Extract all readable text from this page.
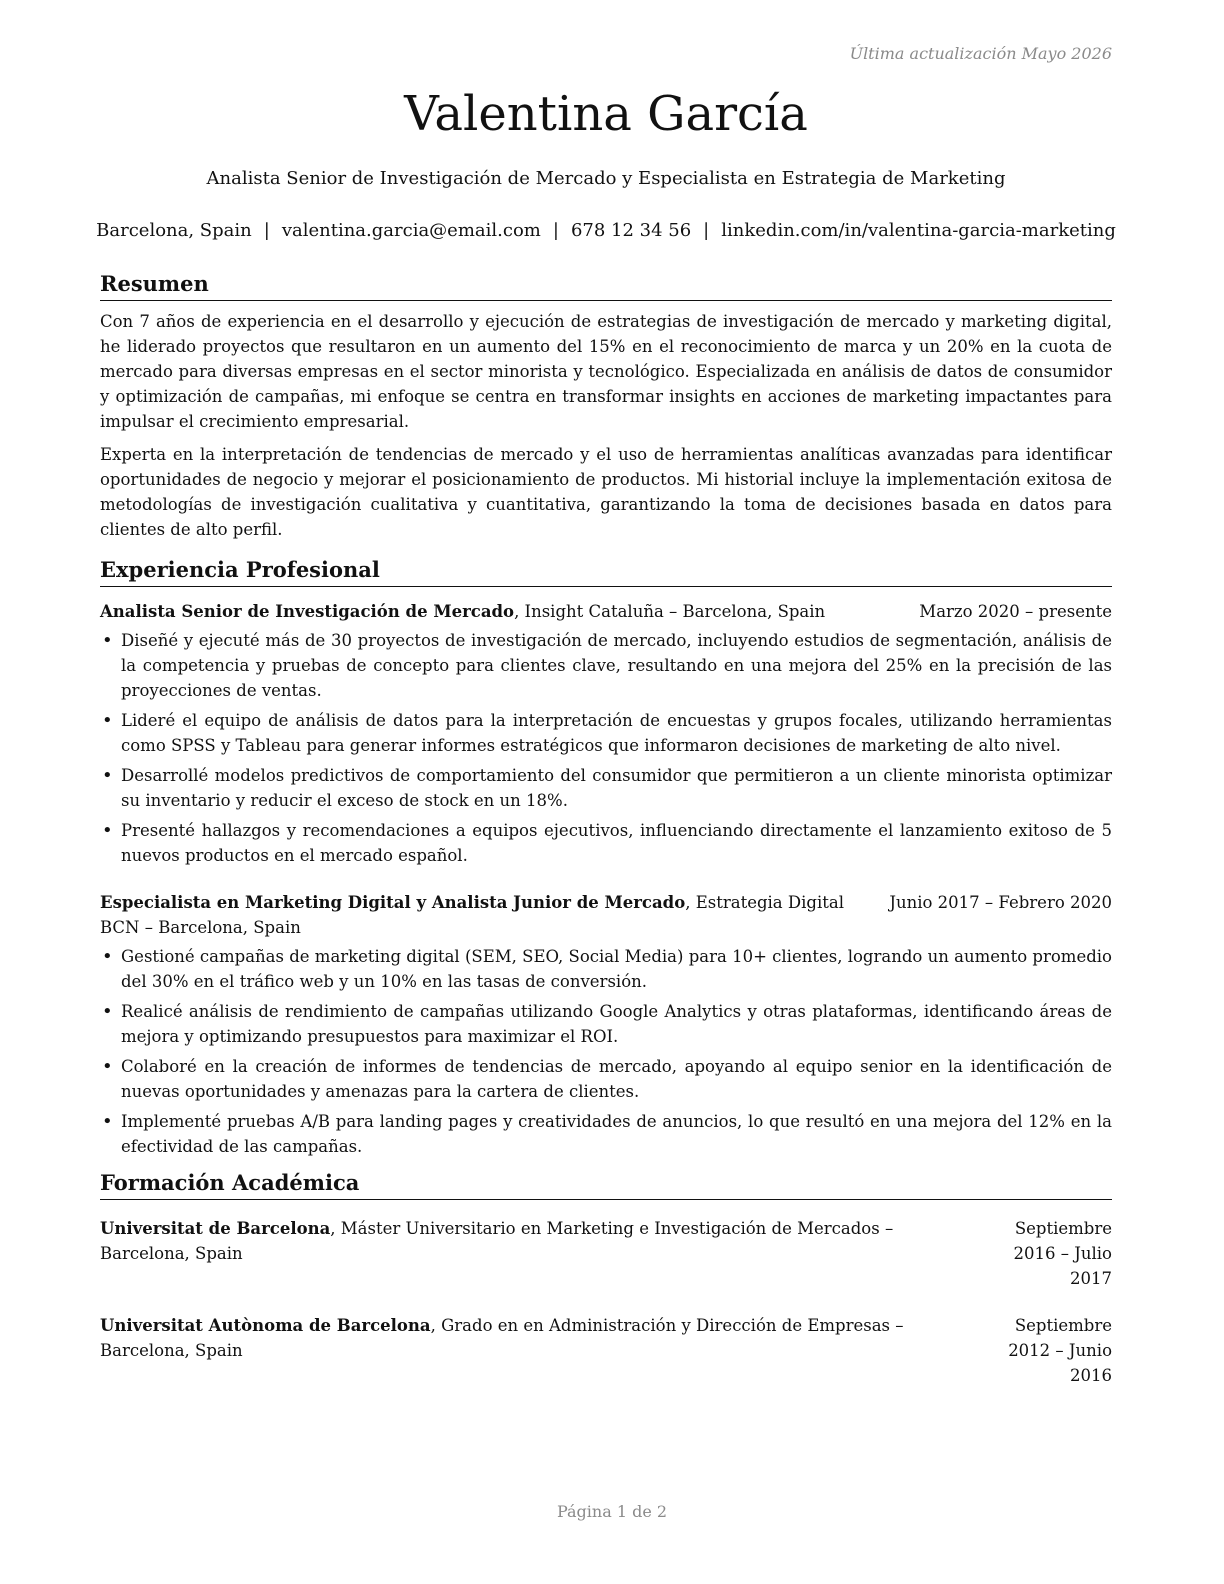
Última actualización Mayo 2026
Valentina García
Analista Senior de Investigación de Mercado y Especialista en Estrategia de Marketing
Barcelona, Spain | valentina.garcia@email.com | 678 12 34 56 | linkedin.com/in/valentina-garcia-marketing
Resumen

Con 7 años de experiencia en el desarrollo y ejecución de estrategias de investigación de mercado y marketing digital, he liderado proyectos que resultaron en un aumento del 15% en el reconocimiento de marca y un 20% en la cuota de mercado para diversas empresas en el sector minorista y tecnológico. Especializada en análisis de datos de consumidor y optimización de campañas, mi enfoque se centra en transformar insights en acciones de marketing impactantes para impulsar el crecimiento empresarial.

Experta en la interpretación de tendencias de mercado y el uso de herramientas analíticas avanzadas para identificar oportunidades de negocio y mejorar el posicionamiento de productos. Mi historial incluye la implementación exitosa de metodologías de investigación cualitativa y cuantitativa, garantizando la toma de decisiones basada en datos para clientes de alto perfil.

Experiencia Profesional
Analista Senior de Investigación de Mercado, Insight Cataluña – Barcelona, Spain	Marzo 2020 – presente
• Diseñé y ejecuté más de 30 proyectos de investigación de mercado, incluyendo estudios de segmentación, análisis de la competencia y pruebas de concepto para clientes clave, resultando en una mejora del 25% en la precisión de las proyecciones de ventas.
• Lideré el equipo de análisis de datos para la interpretación de encuestas y grupos focales, utilizando herramientas como SPSS y Tableau para generar informes estratégicos que informaron decisiones de marketing de alto nivel.
• Desarrollé modelos predictivos de comportamiento del consumidor que permitieron a un cliente minorista optimizar su inventario y reducir el exceso de stock en un 18%.
• Presenté hallazgos y recomendaciones a equipos ejecutivos, influenciando directamente el lanzamiento exitoso de 5 nuevos productos en el mercado español.
Especialista en Marketing Digital y Analista Junior de Mercado, Estrategia Digital BCN – Barcelona, Spain
Junio 2017 – Febrero 2020
• Gestioné campañas de marketing digital (SEM, SEO, Social Media) para 10+ clientes, logrando un aumento promedio del 30% en el tráfico web y un 10% en las tasas de conversión.
• Realicé análisis de rendimiento de campañas utilizando Google Analytics y otras plataformas, identificando áreas de mejora y optimizando presupuestos para maximizar el ROI.
• Colaboré en la creación de informes de tendencias de mercado, apoyando al equipo senior en la identificación de nuevas oportunidades y amenazas para la cartera de clientes.
• Implementé pruebas A/B para landing pages y creatividades de anuncios, lo que resultó en una mejora del 12% en la efectividad de las campañas.
Formación Académica
Universitat de Barcelona, Máster Universitario en Marketing e Investigación de Mercados – Barcelona, Spain
Septiembre 2016 – Julio 2017
Universitat Autònoma de Barcelona, Grado en en Administración y Dirección de Empresas – Barcelona, Spain
Septiembre 2012 – Junio 2016
Página 1 de 2
